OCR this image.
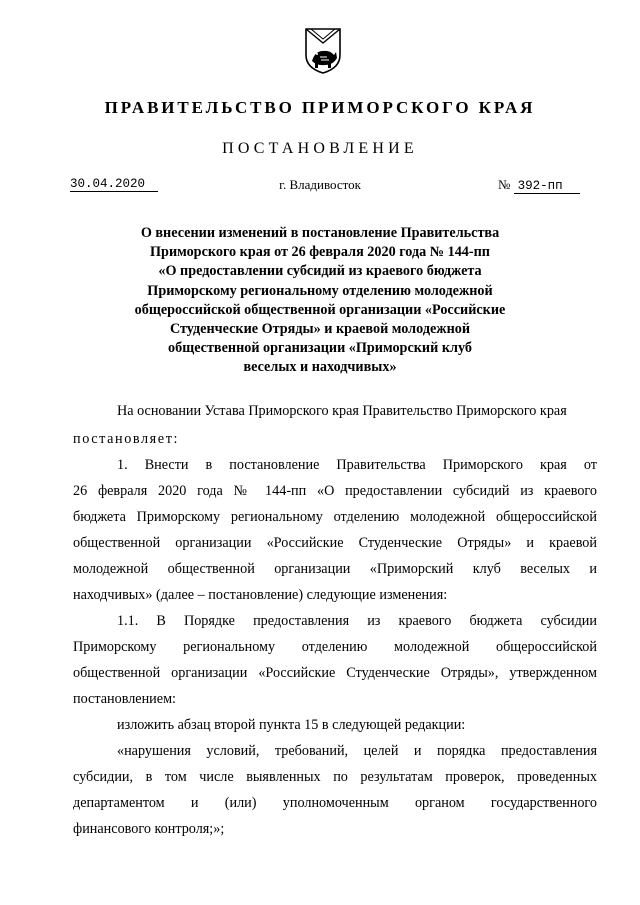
ПРАВИТЕЛЬСТВО ПРИМОРСКОГО КРАЯ
ПОСТАНОВЛЕНИЕ
30.04.2020	г. Владивосток	№ 392-пп
О внесении изменений в постановление Правительства
Приморского края от 26 февраля 2020 года № 144-пп
«О предоставлении субсидий из краевого бюджета
Приморскому региональному отделению молодежной
общероссийской общественной организации «Российские
Студенческие Отряды» и краевой молодежной
общественной организации «Приморский клуб
веселых и находчивых»
На основании Устава Приморского края Правительство Приморского края
постановляет:
1. Внести в постановление Правительства Приморского края от
26 февраля 2020 года № 144-пп «О предоставлении субсидий из краевого
бюджета Приморскому региональному отделению молодежной общероссийской
общественной организации «Российские Студенческие Отряды» и краевой
молодежной общественной организации «Приморский клуб веселых и
находчивых» (далее – постановление) следующие изменения:
1.1. В Порядке предоставления из краевого бюджета субсидии
Приморскому региональному отделению молодежной общероссийской
общественной организации «Российские Студенческие Отряды», утвержденном
постановлением:
изложить абзац второй пункта 15 в следующей редакции:
«нарушения условий, требований, целей и порядка предоставления
субсидии, в том числе выявленных по результатам проверок, проведенных
департаментом и (или) уполномоченным органом государственного
финансового контроля;»;
